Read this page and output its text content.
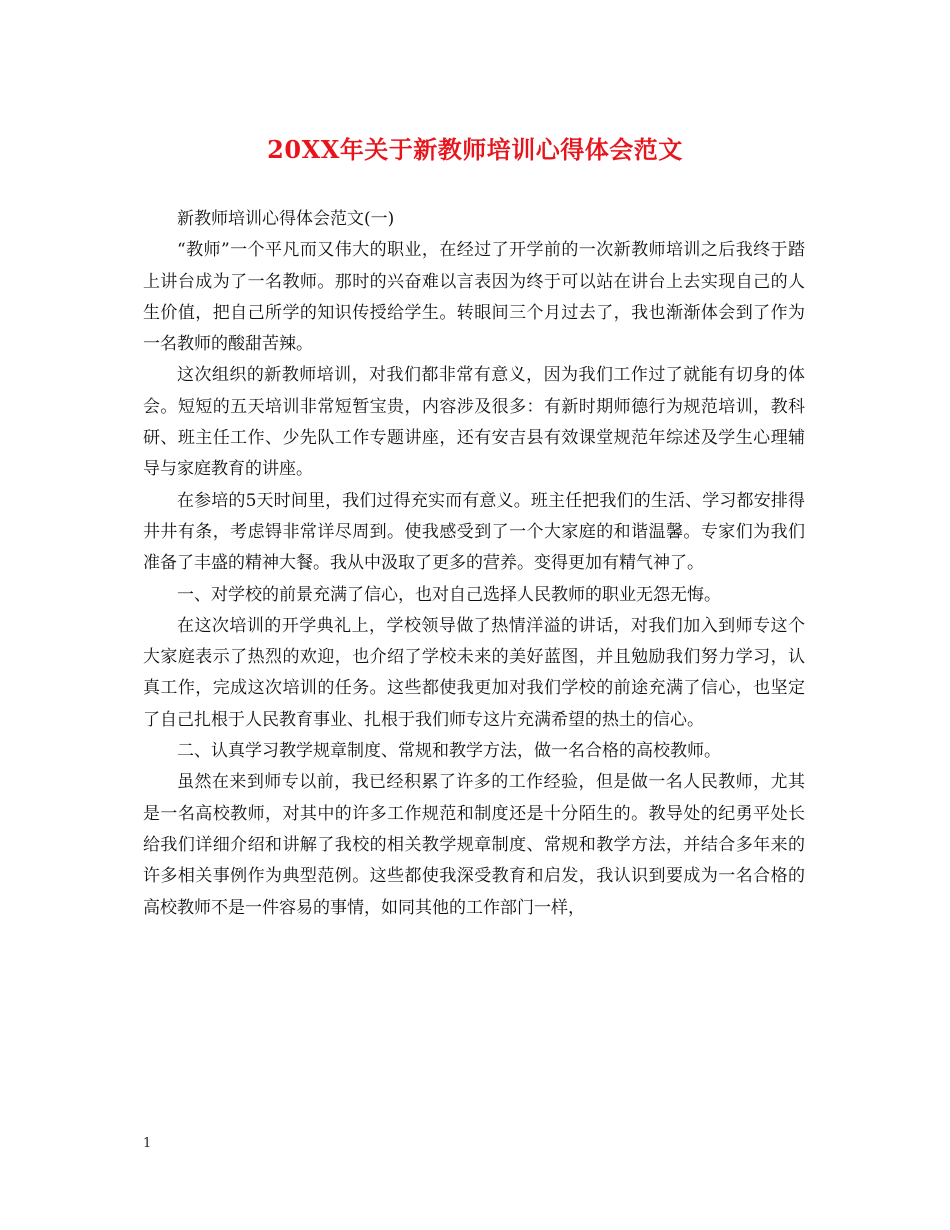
20XX年关于新教师培训心得体会范文

新教师培训心得体会范文(一)

“教师”一个平凡而又伟大的职业，在经过了开学前的一次新教师培训之后我终于踏上讲台成为了一名教师。那时的兴奋难以言表因为终于可以站在讲台上去实现自己的人生价值，把自己所学的知识传授给学生。转眼间三个月过去了，我也渐渐体会到了作为一名教师的酸甜苦辣。

这次组织的新教师培训，对我们都非常有意义，因为我们工作过了就能有切身的体会。短短的五天培训非常短暂宝贵，内容涉及很多：有新时期师德行为规范培训，教科研、班主任工作、少先队工作专题讲座，还有安吉县有效课堂规范年综述及学生心理辅导与家庭教育的讲座。

在参培的5天时间里，我们过得充实而有意义。班主任把我们的生活、学习都安排得井井有条，考虑锝非常详尽周到。使我感受到了一个大家庭的和谐温馨。专家们为我们准备了丰盛的精神大餐。我从中汲取了更多的营养。变得更加有精气神了。

一、对学校的前景充满了信心，也对自己选择人民教师的职业无怨无悔。

在这次培训的开学典礼上，学校领导做了热情洋溢的讲话，对我们加入到师专这个大家庭表示了热烈的欢迎，也介绍了学校未来的美好蓝图，并且勉励我们努力学习，认真工作，完成这次培训的任务。这些都使我更加对我们学校的前途充满了信心，也坚定了自己扎根于人民教育事业、扎根于我们师专这片充满希望的热土的信心。

二、认真学习教学规章制度、常规和教学方法，做一名合格的高校教师。

虽然在来到师专以前，我已经积累了许多的工作经验，但是做一名人民教师，尤其是一名高校教师，对其中的许多工作规范和制度还是十分陌生的。教导处的纪勇平处长给我们详细介绍和讲解了我校的相关教学规章制度、常规和教学方法，并结合多年来的许多相关事例作为典型范例。这些都使我深受教育和启发，我认识到要成为一名合格的高校教师不是一件容易的事情，如同其他的工作部门一样，

1
